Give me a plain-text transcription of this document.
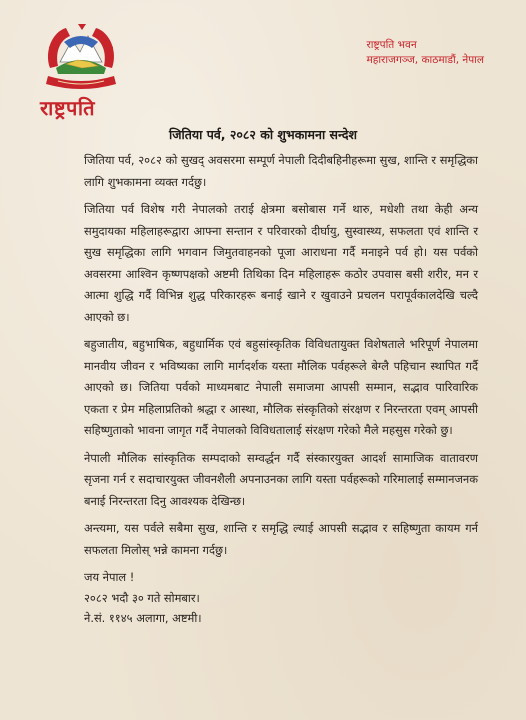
राष्ट्रपति
राष्ट्रपति भवन
महाराजगञ्ज, काठमाडौं, नेपाल
जितिया पर्व, २०८२ को शुभकामना सन्देश

जितिया पर्व, २०८२ को सुखद् अवसरमा सम्पूर्ण नेपाली दिदीबहिनीहरूमा सुख, शान्ति र समृद्धिका लागि शुभकामना व्यक्त गर्दछु।

जितिया पर्व विशेष गरी नेपालको तराई क्षेत्रमा बसोबास गर्ने थारु, मधेशी तथा केही अन्य समुदायका महिलाहरूद्वारा आफ्ना सन्तान र परिवारको दीर्घायु, सुस्वास्थ्य, सफलता एवं शान्ति र सुख समृद्धिका लागि भगवान जिमुतवाहनको पूजा आराधना गर्दै मनाइने पर्व हो। यस पर्वको अवसरमा आश्विन कृष्णपक्षको अष्टमी तिथिका दिन महिलाहरू कठोर उपवास बसी शरीर, मन र आत्मा शुद्धि गर्दै विभिन्न शुद्ध परिकारहरू बनाई खाने र खुवाउने प्रचलन परापूर्वकालदेखि चल्दै आएको छ।

बहुजातीय, बहुभाषिक, बहुधार्मिक एवं बहुसांस्कृतिक विविधतायुक्त विशेषताले भरिपूर्ण नेपालमा मानवीय जीवन र भविष्यका लागि मार्गदर्शक यस्ता मौलिक पर्वहरूले बेग्लै पहिचान स्थापित गर्दै आएको छ। जितिया पर्वको माध्यमबाट नेपाली समाजमा आपसी सम्मान, सद्भाव पारिवारिक एकता र प्रेम महिलाप्रतिको श्रद्धा र आस्था, मौलिक संस्कृतिको संरक्षण र निरन्तरता एवम् आपसी सहिष्णुताको भावना जागृत गर्दै नेपालको विविधतालाई संरक्षण गरेको मैले महसुस गरेको छु।

नेपाली मौलिक सांस्कृतिक सम्पदाको सम्वर्द्धन गर्दै संस्कारयुक्त आदर्श सामाजिक वातावरण सृजना गर्न र सदाचारयुक्त जीवनशैली अपनाउनका लागि यस्ता पर्वहरूको गरिमालाई सम्मानजनक बनाई निरन्तरता दिनु आवश्यक देखिन्छ।

अन्त्यमा, यस पर्वले सबैमा सुख, शान्ति र समृद्धि ल्याई आपसी सद्भाव र सहिष्णुता कायम गर्न सफलता मिलोस् भन्ने कामना गर्दछु।

जय नेपाल !
२०८२ भदौ ३० गते सोमबार।
ने.सं. ११४५ अलागा, अष्टमी।
